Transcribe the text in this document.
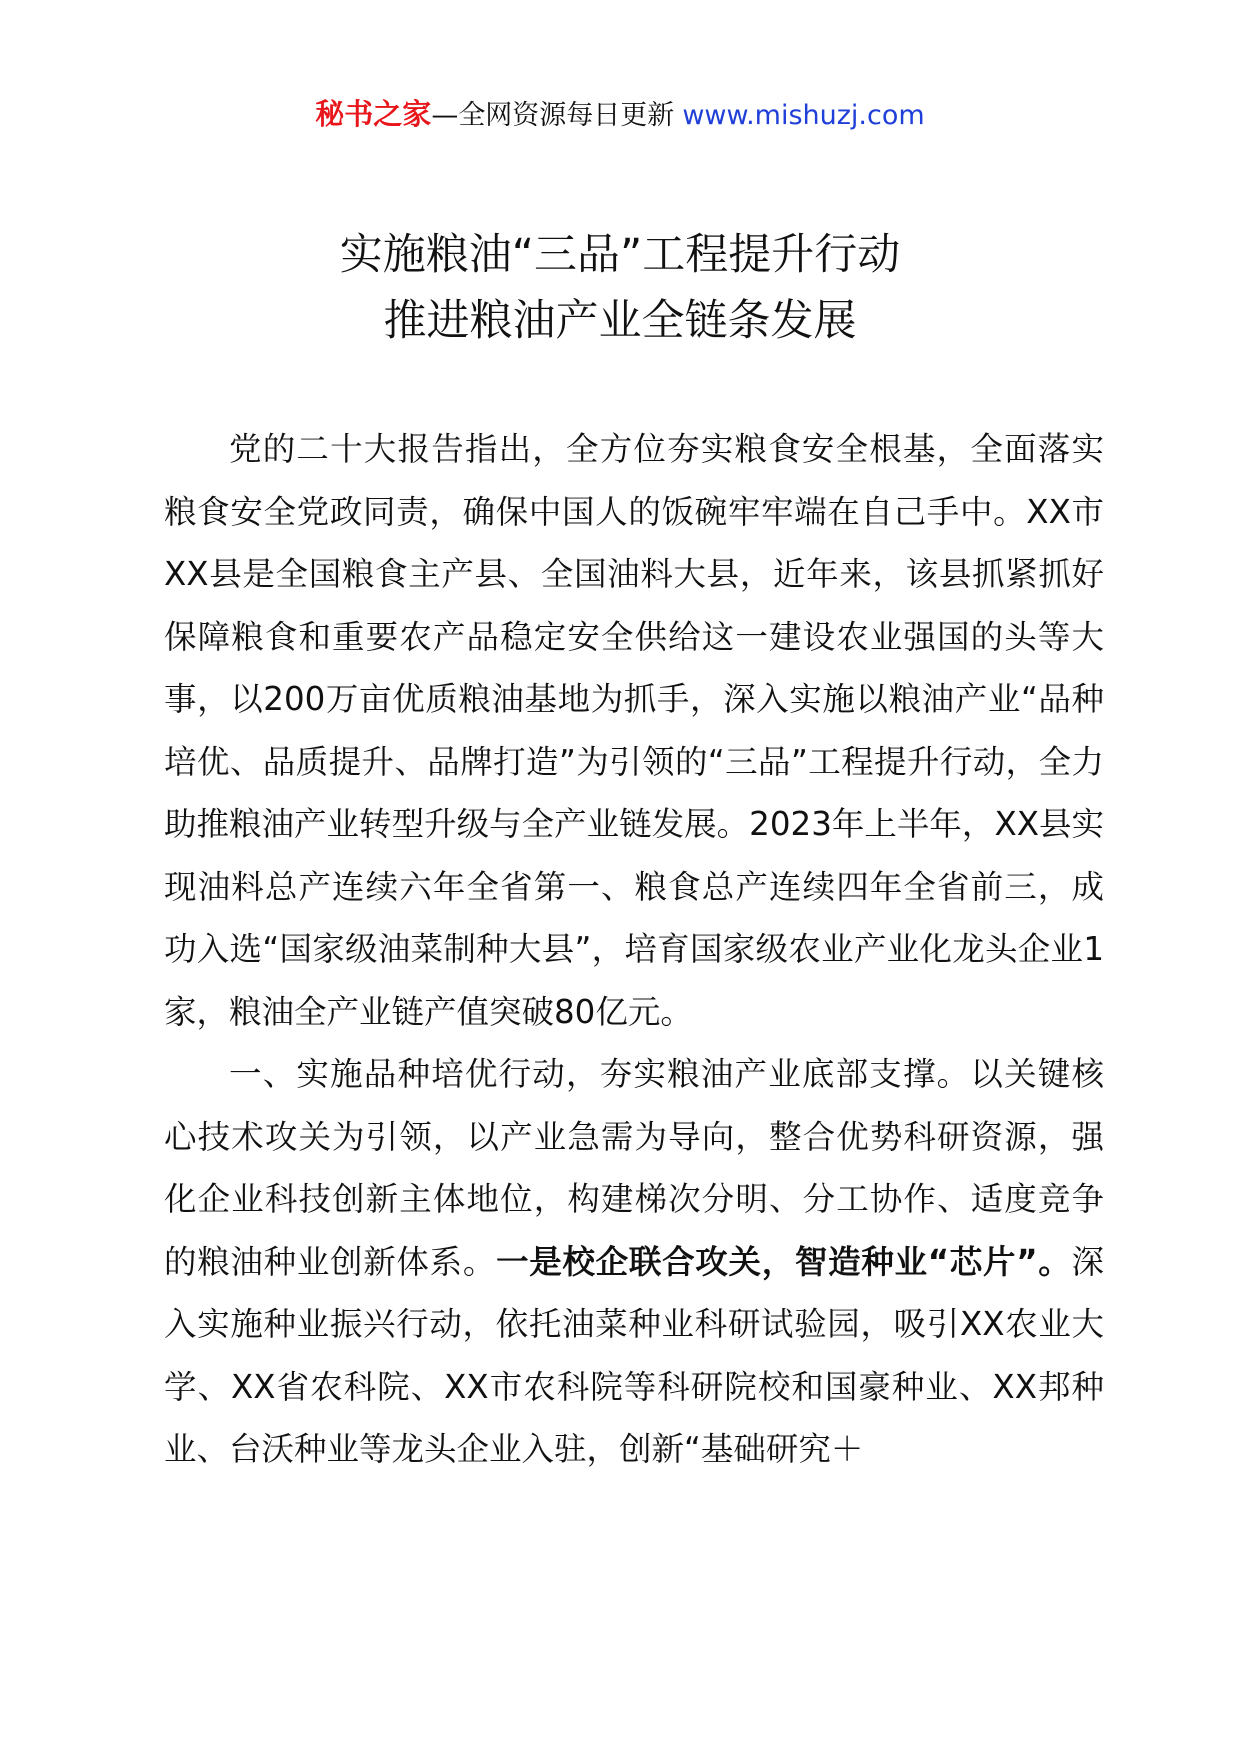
秘书之家—全网资源每日更新 www.mishuzj.com
实施粮油“三品”工程提升行动
推进粮油产业全链条发展

党的二十大报告指出，全方位夯实粮食安全根基，全面落实粮食安全党政同责，确保中国人的饭碗牢牢端在自己手中。XX市XX县是全国粮食主产县、全国油料大县，近年来，该县抓紧抓好保障粮食和重要农产品稳定安全供给这一建设农业强国的头等大事，以200万亩优质粮油基地为抓手，深入实施以粮油产业“品种培优、品质提升、品牌打造”为引领的“三品”工程提升行动，全力助推粮油产业转型升级与全产业链发展。2023年上半年，XX县实现油料总产连续六年全省第一、粮食总产连续四年全省前三，成功入选“国家级油菜制种大县”，培育国家级农业产业化龙头企业1家，粮油全产业链产值突破80亿元。

一、实施品种培优行动，夯实粮油产业底部支撑。以关键核心技术攻关为引领，以产业急需为导向，整合优势科研资源，强化企业科技创新主体地位，构建梯次分明、分工协作、适度竞争的粮油种业创新体系。一是校企联合攻关，智造种业“芯片”。深入实施种业振兴行动，依托油菜种业科研试验园，吸引XX农业大学、XX省农科院、XX市农科院等科研院校和国豪种业、XX邦种业、台沃种业等龙头企业入驻，创新“基础研究＋
